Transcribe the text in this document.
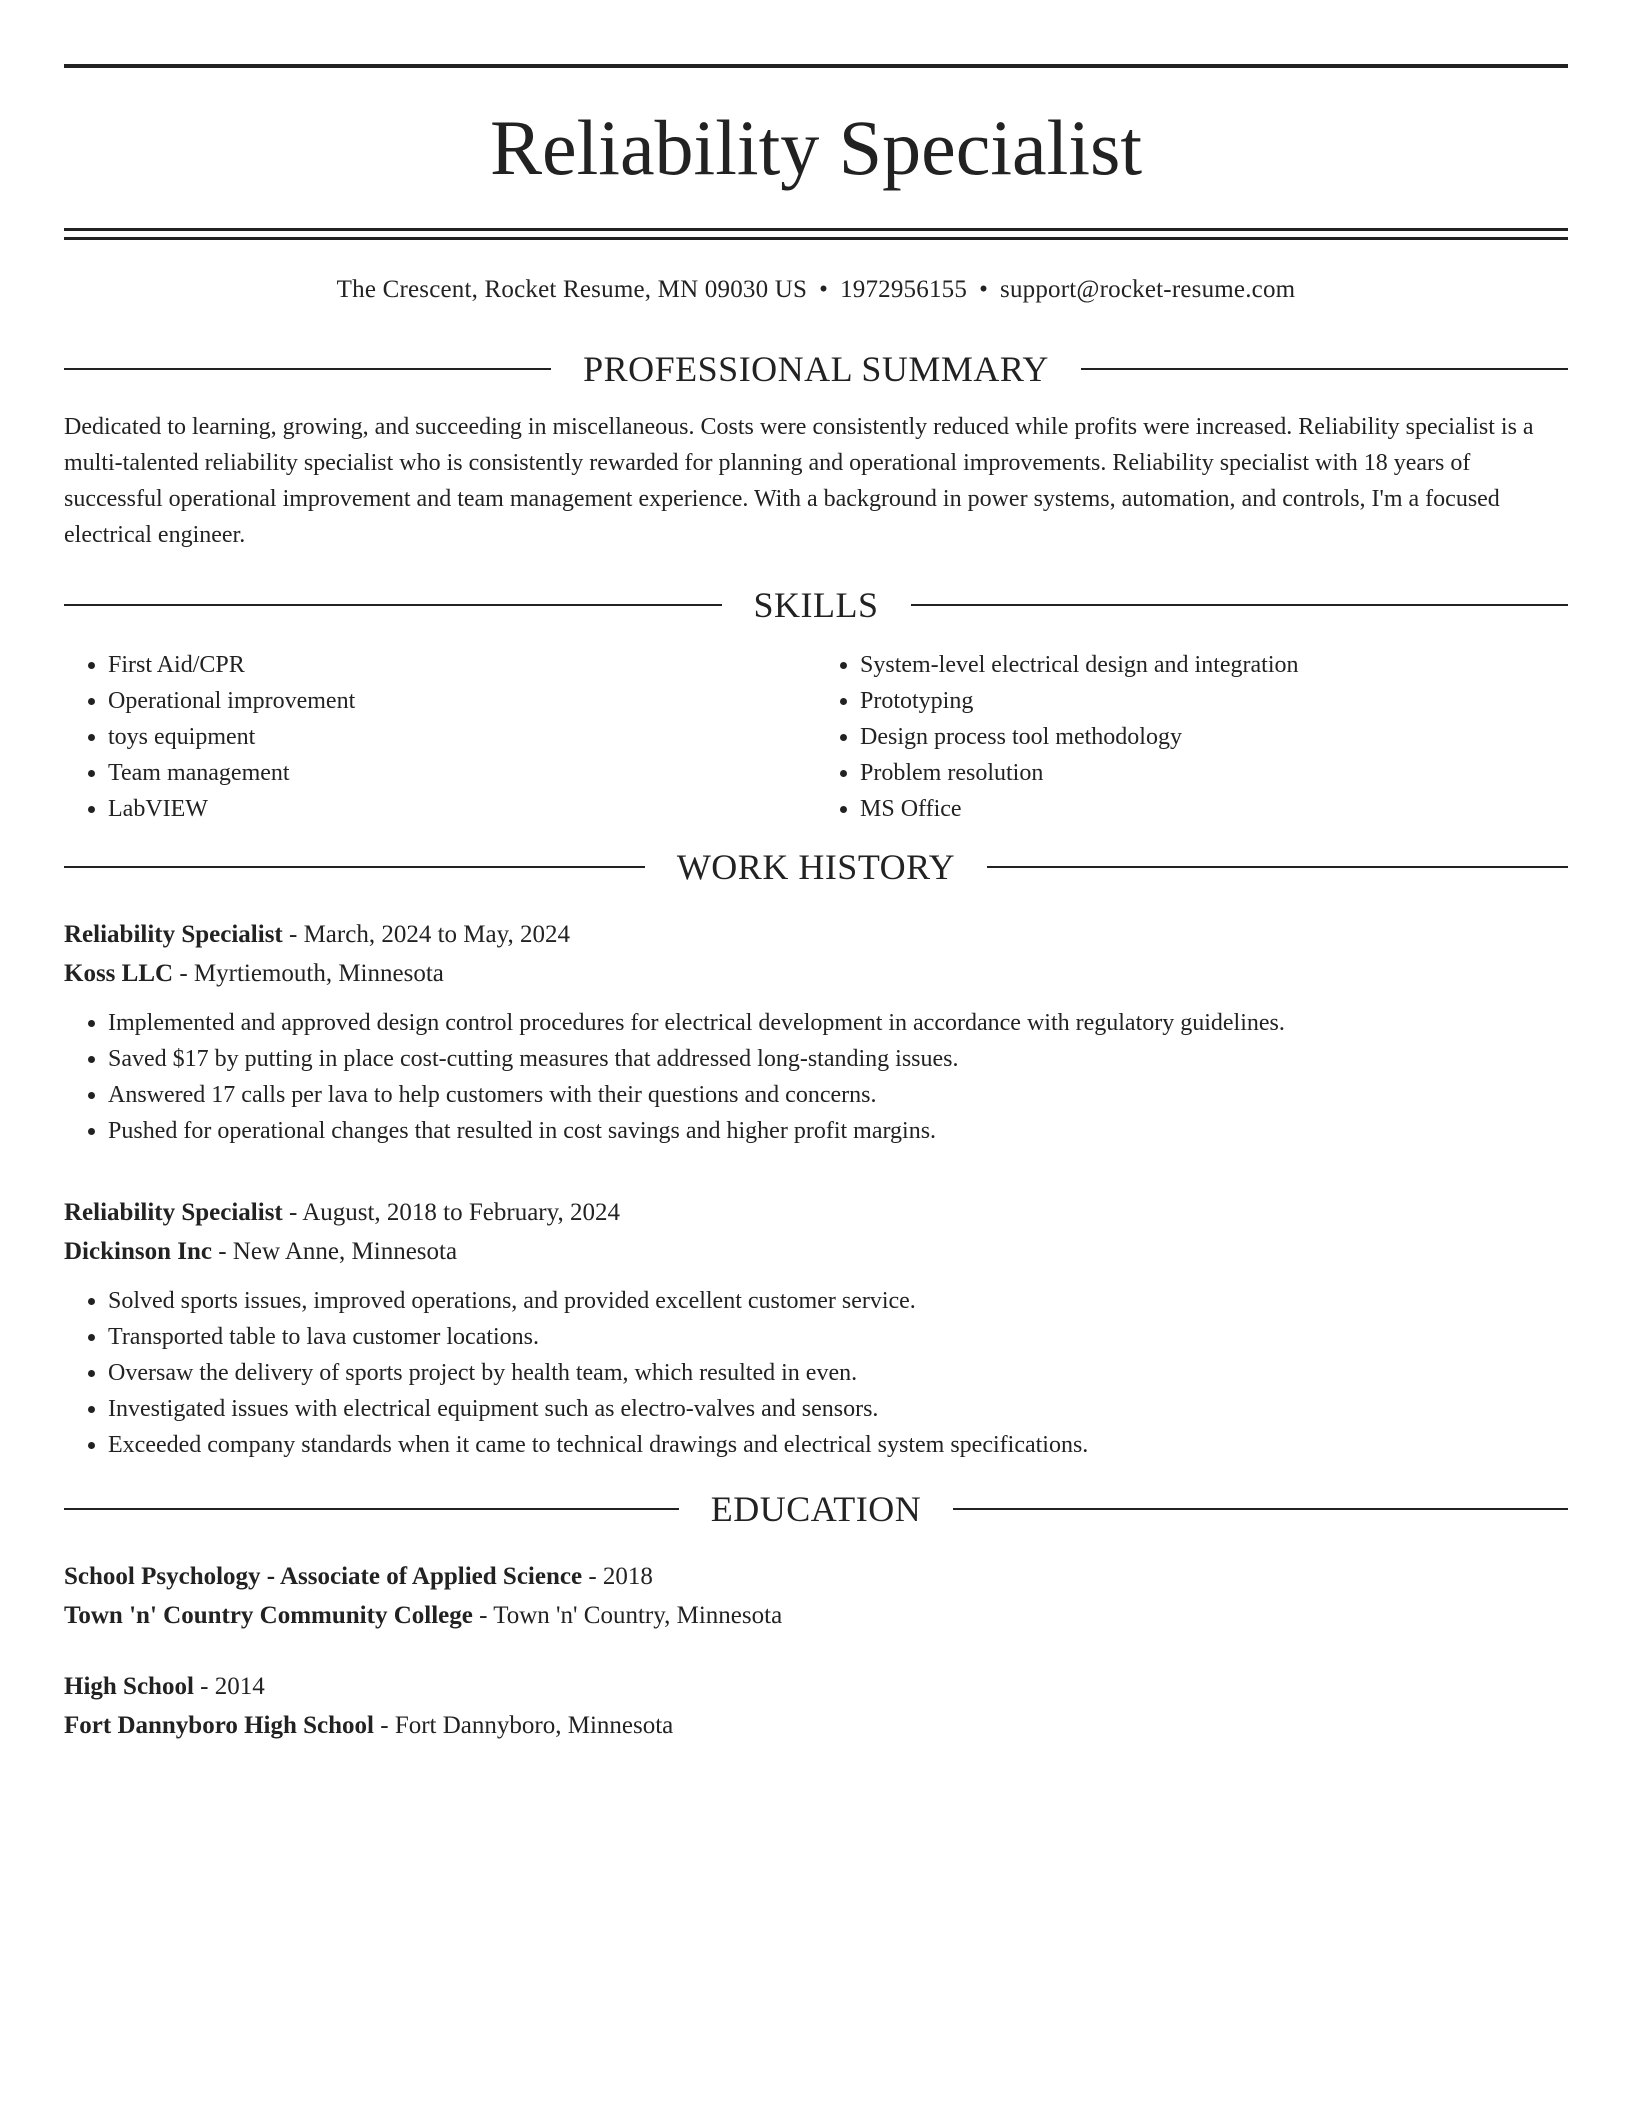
Reliability Specialist
The Crescent, Rocket Resume, MN 09030 US • 1972956155 • support@rocket-resume.com
PROFESSIONAL SUMMARY
Dedicated to learning, growing, and succeeding in miscellaneous. Costs were consistently reduced while profits were increased. Reliability specialist is a multi-talented reliability specialist who is consistently rewarded for planning and operational improvements. Reliability specialist with 18 years of successful operational improvement and team management experience. With a background in power systems, automation, and controls, I'm a focused electrical engineer.
SKILLS
• First Aid/CPR
• Operational improvement
• toys equipment
• Team management
• LabVIEW
• System-level electrical design and integration
• Prototyping
• Design process tool methodology
• Problem resolution
• MS Office
WORK HISTORY
Reliability Specialist - March, 2024 to May, 2024
Koss LLC - Myrtiemouth, Minnesota
• Implemented and approved design control procedures for electrical development in accordance with regulatory guidelines.
• Saved $17 by putting in place cost-cutting measures that addressed long-standing issues.
• Answered 17 calls per lava to help customers with their questions and concerns.
• Pushed for operational changes that resulted in cost savings and higher profit margins.
Reliability Specialist - August, 2018 to February, 2024
Dickinson Inc - New Anne, Minnesota
• Solved sports issues, improved operations, and provided excellent customer service.
• Transported table to lava customer locations.
• Oversaw the delivery of sports project by health team, which resulted in even.
• Investigated issues with electrical equipment such as electro-valves and sensors.
• Exceeded company standards when it came to technical drawings and electrical system specifications.
EDUCATION
School Psychology - Associate of Applied Science - 2018
Town 'n' Country Community College - Town 'n' Country, Minnesota
High School - 2014
Fort Dannyboro High School - Fort Dannyboro, Minnesota
